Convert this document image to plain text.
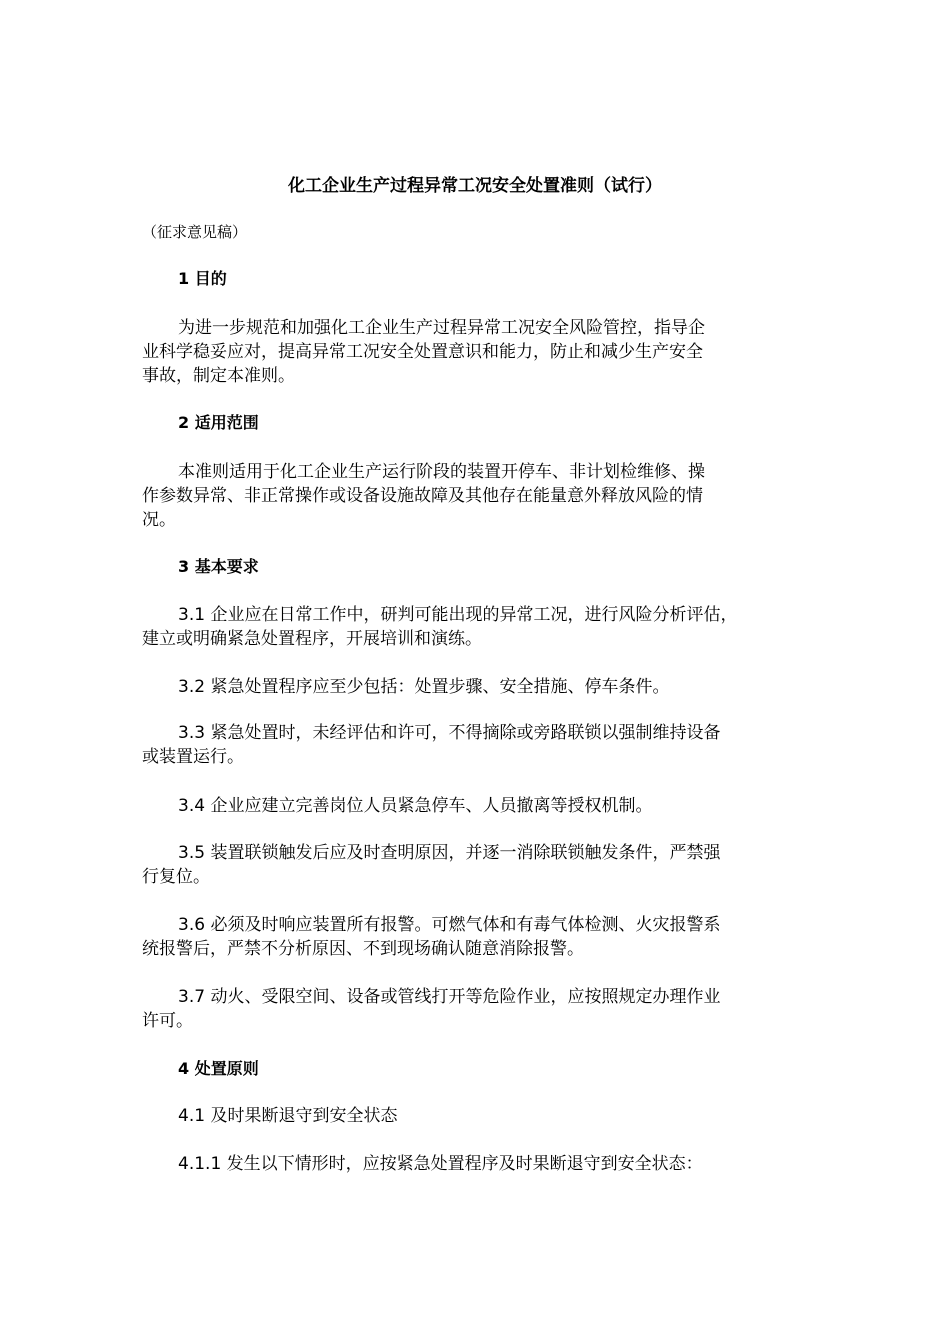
化工企业生产过程异常工况安全处置准则（试行）
（征求意见稿）
1 目的
为进一步规范和加强化工企业生产过程异常工况安全风险管控，指导企
业科学稳妥应对，提高异常工况安全处置意识和能力，防止和减少生产安全
事故，制定本准则。
2 适用范围
本准则适用于化工企业生产运行阶段的装置开停车、非计划检维修、操
作参数异常、非正常操作或设备设施故障及其他存在能量意外释放风险的情
况。
3 基本要求
3.1 企业应在日常工作中，研判可能出现的异常工况，进行风险分析评估，
建立或明确紧急处置程序，开展培训和演练。
3.2 紧急处置程序应至少包括：处置步骤、安全措施、停车条件。
3.3 紧急处置时，未经评估和许可，不得摘除或旁路联锁以强制维持设备
或装置运行。
3.4 企业应建立完善岗位人员紧急停车、人员撤离等授权机制。
3.5 装置联锁触发后应及时查明原因，并逐一消除联锁触发条件，严禁强
行复位。
3.6 必须及时响应装置所有报警。可燃气体和有毒气体检测、火灾报警系
统报警后，严禁不分析原因、不到现场确认随意消除报警。
3.7 动火、受限空间、设备或管线打开等危险作业，应按照规定办理作业
许可。
4 处置原则
4.1 及时果断退守到安全状态
4.1.1 发生以下情形时，应按紧急处置程序及时果断退守到安全状态：
